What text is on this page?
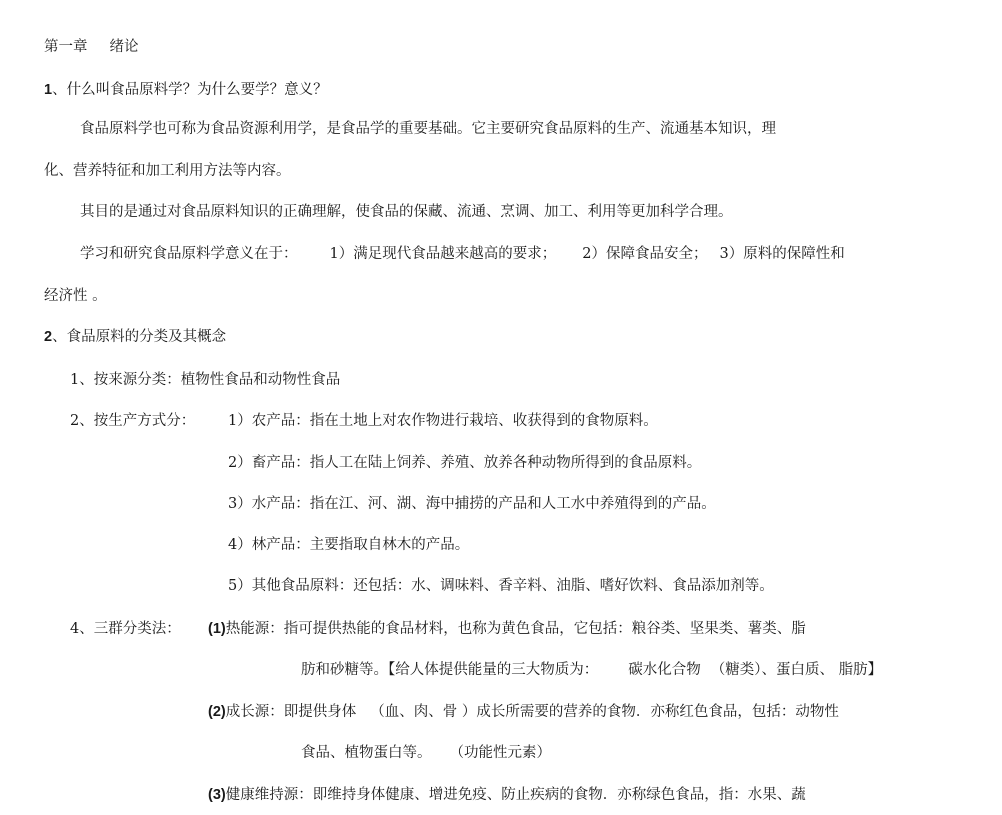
第一章 绪论
1、什么叫食品原料学？为什么要学？意义？
食品原料学也可称为食品资源利用学，是食品学的重要基础。它主要研究食品原料的生产、流通基本知识，理
化、营养特征和加工利用方法等内容。
其目的是通过对食品原料知识的正确理解，使食品的保藏、流通、烹调、加工、利用等更加科学合理。
学习和研究食品原料学意义在于： 1）满足现代食品越来越高的要求； 2）保障食品安全； 3）原料的保障性和
经济性 。
2、食品原料的分类及其概念
1、按来源分类：植物性食品和动物性食品
2、按生产方式分： 1）农产品：指在土地上对农作物进行栽培、收获得到的食物原料。
2）畜产品：指人工在陆上饲养、养殖、放养各种动物所得到的食品原料。
3）水产品：指在江、河、湖、海中捕捞的产品和人工水中养殖得到的产品。
4）林产品：主要指取自林木的产品。
5）其他食品原料：还包括：水、调味料、香辛料、油脂、嗜好饮料、食品添加剂等。
4、三群分类法： (1)热能源：指可提供热能的食品材料，也称为黄色食品，它包括：粮谷类、坚果类、薯类、脂
肪和砂糖等。【给人体提供能量的三大物质为： 碳水化合物 （糖类）、蛋白质、 脂肪】
(2)成长源：即提供身体 （血、肉、骨 ）成长所需要的营养的食物．亦称红色食品，包括：动物性
食品、植物蛋白等。 （功能性元素）
(3)健康维持源：即维持身体健康、增进免疫、防止疾病的食物．亦称绿色食品，指：水果、蔬
